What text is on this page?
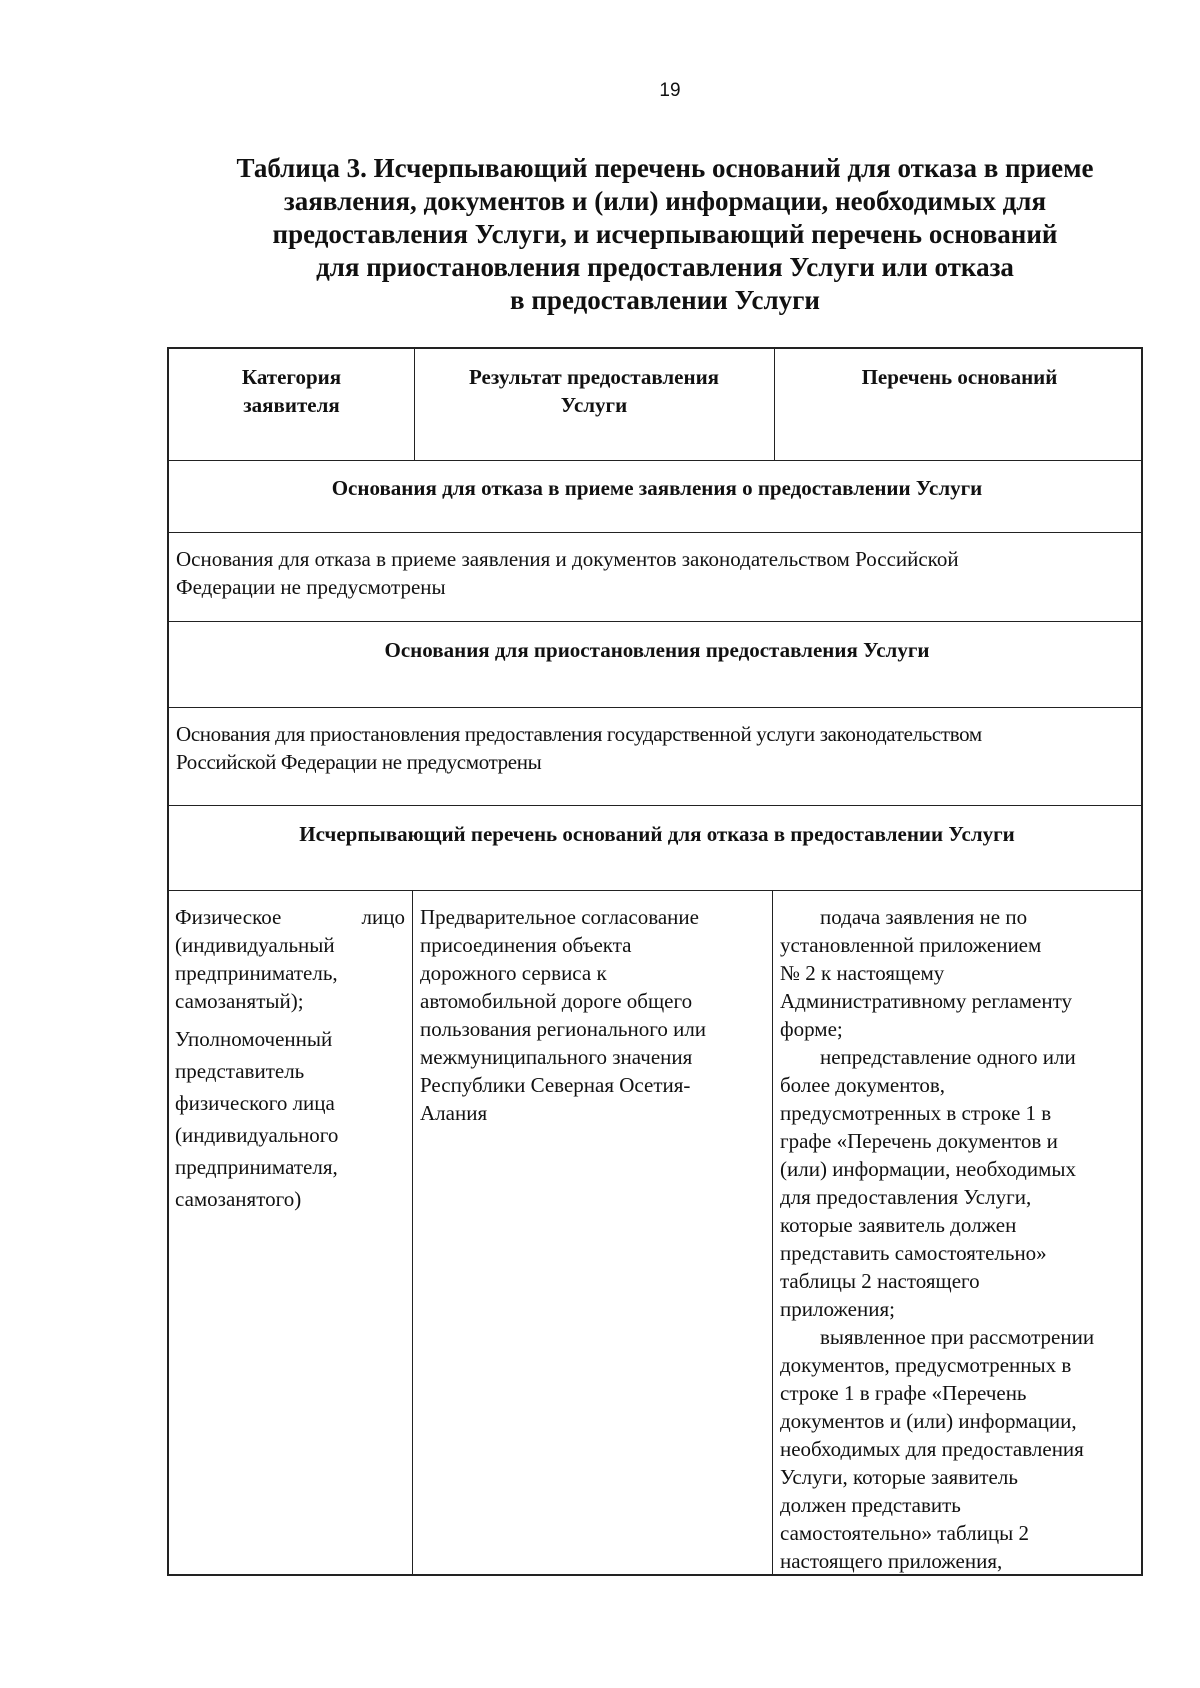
19
Таблица 3. Исчерпывающий перечень оснований для отказа в приеме
заявления, документов и (или) информации, необходимых для
предоставления Услуги, и исчерпывающий перечень оснований
для приостановления предоставления Услуги или отказа
в предоставлении Услуги
Категория
заявителя
Результат предоставления
Услуги
Перечень оснований
Основания для отказа в приеме заявления о предоставлении Услуги
Основания для отказа в приеме заявления и документов законодательством Российской
Федерации не предусмотрены
Основания для приостановления предоставления Услуги
Основания для приостановления предоставления государственной услуги законодательством
Российской Федерации не предусмотрены
Исчерпывающий перечень оснований для отказа в предоставлении Услуги
Физическое	лицо
(индивидуальный
предприниматель,
самозанятый);
Уполномоченный
представитель
физического лица
(индивидуального
предпринимателя,
самозанятого)
Предварительное согласование
присоединения объекта
дорожного сервиса к
автомобильной дороге общего
пользования регионального или
межмуниципального значения
Республики Северная Осетия-
Алания
подача заявления не по
установленной приложением
№ 2 к настоящему
Административному регламенту
форме;
непредставление одного или
более документов,
предусмотренных в строке 1 в
графе «Перечень документов и
(или) информации, необходимых
для предоставления Услуги,
которые заявитель должен
представить самостоятельно»
таблицы 2 настоящего
приложения;
выявленное при рассмотрении
документов, предусмотренных в
строке 1 в графе «Перечень
документов и (или) информации,
необходимых для предоставления
Услуги, которые заявитель
должен представить
самостоятельно» таблицы 2
настоящего приложения,
